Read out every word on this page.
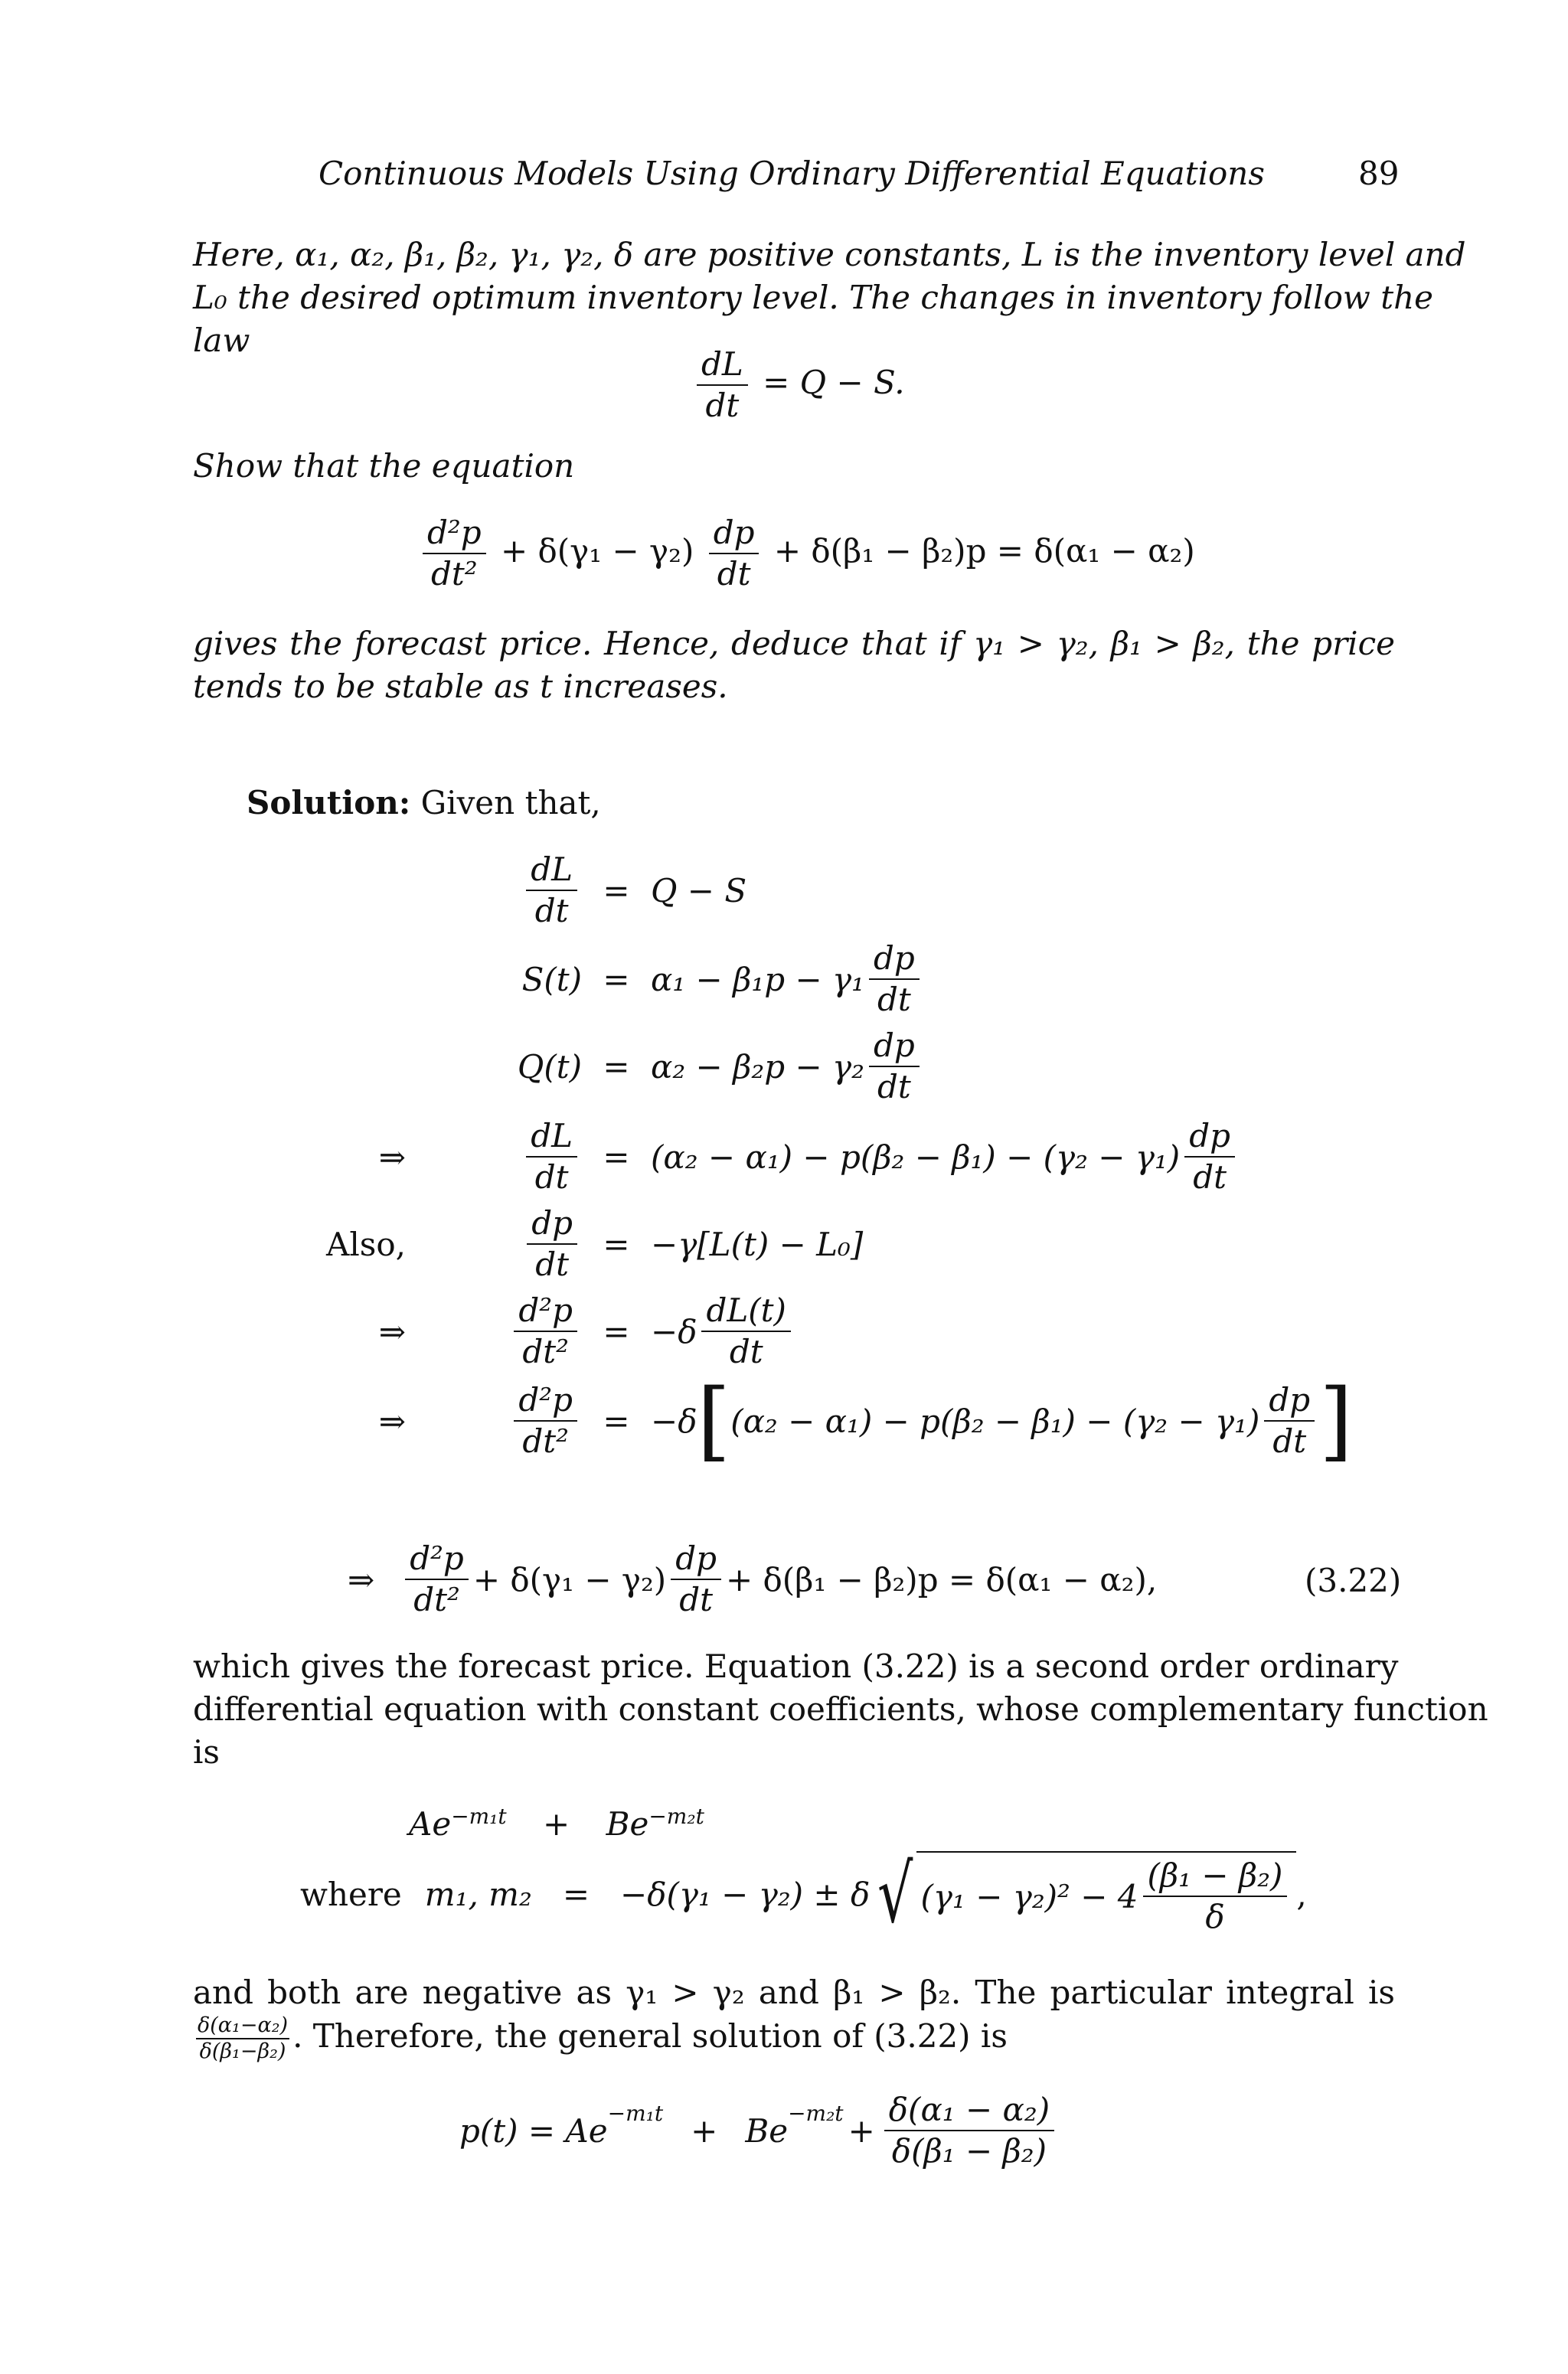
Continuous Models Using Ordinary Differential Equations	89
Here, α₁, α₂, β₁, β₂, γ₁, γ₂, δ are positive constants, L is the inventory level and
L₀ the desired optimum inventory level. The changes in inventory follow the
law
$\frac{dL}{dt} = Q - S$.
Show that the equation
$\frac{\text{d²p}}{\text{dt²}} + \delta(\gamma_1 - \gamma_2) \frac{dp}{dt} + \delta(\beta_1 - \beta_2)p = \delta(\alpha_1 - \alpha_2)$
gives the forecast price. Hence, deduce that if γ₁ > γ₂, β₁ > β₂, the price
tends to be stable as t increases.
Solution: Given that,
$\frac{dL}{dt} = Q - S$
$S(t) = \alpha_1 - \beta_1p - \gamma_1 \frac{dp}{dt}$
$Q(t) = \alpha_2 - \beta_2p - \gamma_2 \frac{dp}{dt}$
⇒	$\frac{dL}{dt} = (\alpha_2 - \alpha_1) - p(\beta_2 - \beta_1) - (\gamma_2 - \gamma_1) \frac{dp}{dt}$
Also,	$\frac{dp}{dt} = -\gamma[L(t) - L_0]$
⇒	$\frac{\text{d²p}}{\text{dt²}} = -\delta \frac{dL(t)}{dt}$
⇒	$\frac{\text{d²p}}{\text{dt²}} = -\delta$ [ $(\alpha_2 - \alpha_1) - p(\beta_2 - \beta_1) - (\gamma_2 - \gamma_1) \frac{dp}{dt}$ ]
⇒ $\frac{\text{d²p}}{\text{dt²}} + \delta(\gamma_1 - \gamma_2) \frac{dp}{dt} + \delta(\beta_1 - \beta_2)p = \delta(\alpha_1 - \alpha_2)$,	(3.22)
which gives the forecast price. Equation (3.22) is a second order ordinary
differential equation with constant coefficients, whose complementary function
is
$Ae^{-m_1t} + Be^{-m_2t}$
where m₁, m₂ = −δ(γ₁ − γ₂) ± δ √ $(\gamma_1 - \gamma_2)^2 - 4 \frac{\text{(β₁ − β₂)}}{\delta}$ ,
and both are negative as γ₁ > γ₂ and β₁ > β₂. The particular integral is
$\frac{\text{δ(α₁−α₂)}}{\text{δ(β₁−β₂)}}$ . Therefore, the general solution of (3.22) is
$p(t) = Ae^{-m_1t} + Be^{-m_2t} + \frac{\text{δ(α₁ − α₂)}}{\text{δ(β₁ − β₂)}}$
